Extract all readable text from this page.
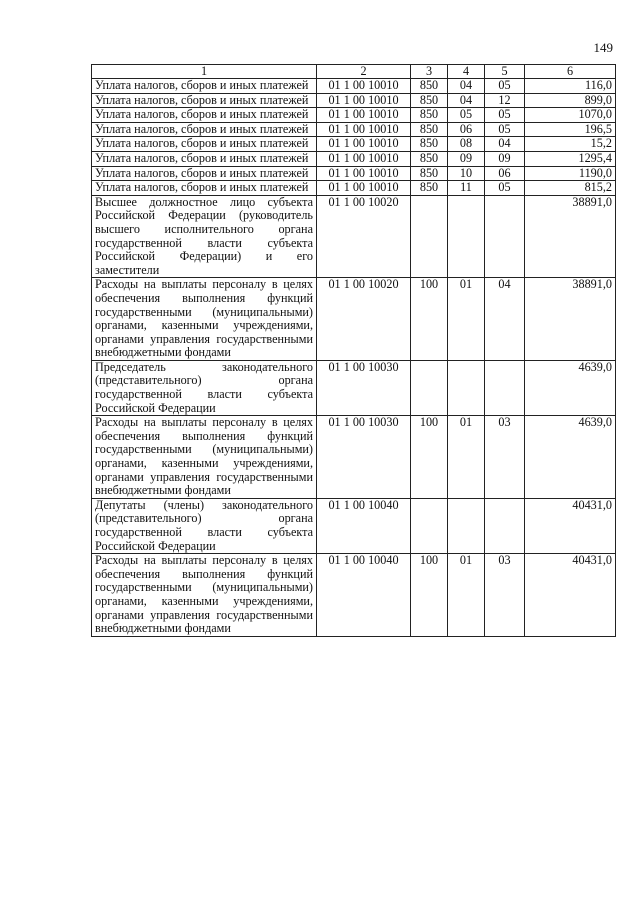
149
1	2	3	4	5	6
Уплата налогов, сборов и иных платежей	01 1 00 10010	850	04	05	116,0
Уплата налогов, сборов и иных платежей	01 1 00 10010	850	04	12	899,0
Уплата налогов, сборов и иных платежей	01 1 00 10010	850	05	05	1070,0
Уплата налогов, сборов и иных платежей	01 1 00 10010	850	06	05	196,5
Уплата налогов, сборов и иных платежей	01 1 00 10010	850	08	04	15,2
Уплата налогов, сборов и иных платежей	01 1 00 10010	850	09	09	1295,4
Уплата налогов, сборов и иных платежей	01 1 00 10010	850	10	06	1190,0
Уплата налогов, сборов и иных платежей	01 1 00 10010	850	11	05	815,2
Высшее должностное лицо субъекта Российской Федерации (руководитель высшего исполнительного органа государственной власти субъекта Российской Федерации) и его заместители	01 1 00 10020				38891,0
Расходы на выплаты персоналу в целях обеспечения выполнения функций государственными (муниципальными) органами, казенными учреждениями, органами управления государственными внебюджетными фондами	01 1 00 10020	100	01	04	38891,0
Председатель законодательного (представительного) органа государственной власти субъекта Российской Федерации	01 1 00 10030				4639,0
Расходы на выплаты персоналу в целях обеспечения выполнения функций государственными (муниципальными) органами, казенными учреждениями, органами управления государственными внебюджетными фондами	01 1 00 10030	100	01	03	4639,0
Депутаты (члены) законодательного (представительного) органа государственной власти субъекта Российской Федерации	01 1 00 10040				40431,0
Расходы на выплаты персоналу в целях обеспечения выполнения функций государственными (муниципальными) органами, казенными учреждениями, органами управления государственными внебюджетными фондами	01 1 00 10040	100	01	03	40431,0
